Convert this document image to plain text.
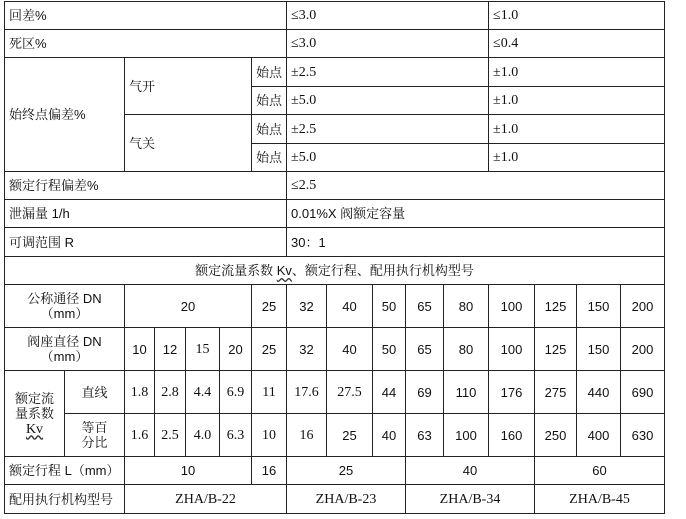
回差%							≤3.0					≤1.0			
死区%							≤3.0					≤0.4			
始终点偏差%		气开				始点	±2.5					±1.0			
						始点	±5.0					±1.0			
		气关				始点	±2.5					±1.0			
						始点	±5.0					±1.0			
额定行程偏差%							≤2.5								
泄漏量 1/h							0.01%X 阀额定容量								
可调范围 R							30：1								
额定流量系数 Kv、额定行程、配用执行机构型号															
公称通径 DN
（mm）		20				25	32	40	50	65	80	100	125	150	200
阀座直径 DN
（mm）		10	12	15	20	25	32	40	50	65	80	100	125	150	200
额定流
量系数
Kv	直线	1.8	2.8	4.4	6.9	11	17.6	27.5	44	69	110	176	275	440	690
	等百
分比	1.6	2.5	4.0	6.3	10	16	25	40	63	100	160	250	400	630
额定行程 L（mm）		10				16	25			40			60		
配用执行机构型号		ZHA/B-22					ZHA/B-23			ZHA/B-34			ZHA/B-45		
